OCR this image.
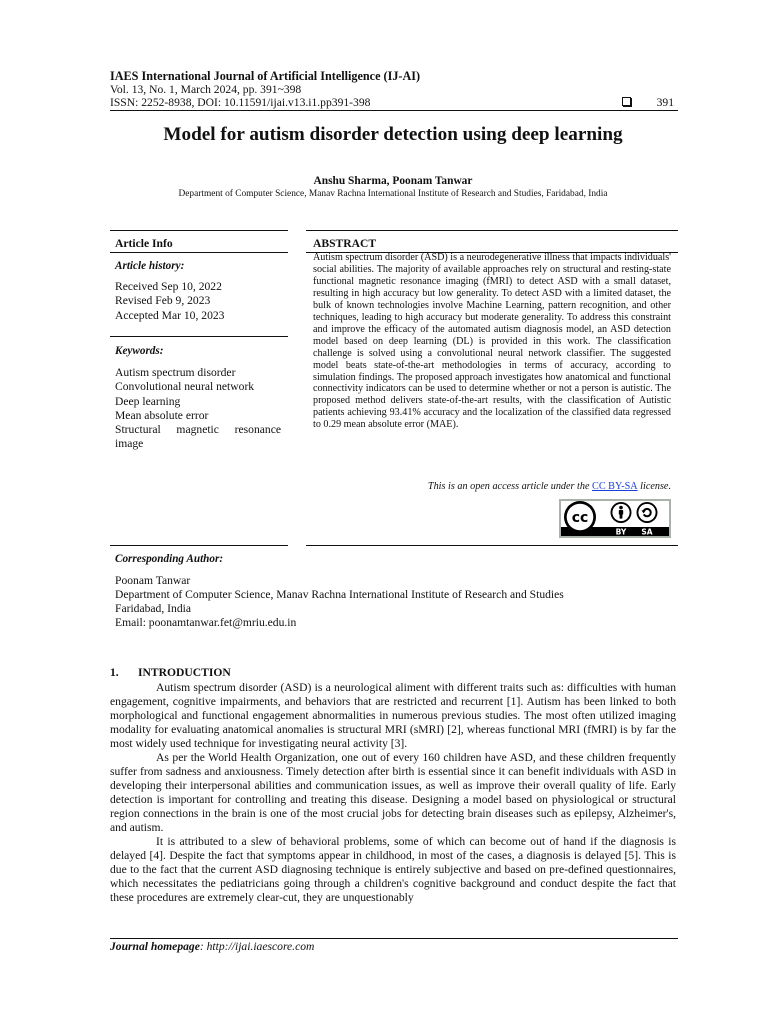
IAES International Journal of Artificial Intelligence (IJ-AI)
Vol. 13, No. 1, March 2024, pp. 391~398
ISSN: 2252-8938, DOI: 10.11591/ijai.v13.i1.pp391-398	391
Model for autism disorder detection using deep learning
Anshu Sharma, Poonam Tanwar
Department of Computer Science, Manav Rachna International Institute of Research and Studies, Faridabad, India
Article Info
Article history:
Received Sep 10, 2022
Revised Feb 9, 2023
Accepted Mar 10, 2023
Keywords:
Autism spectrum disorder
Convolutional neural network
Deep learning
Mean absolute error
Structural magnetic resonance image
ABSTRACT
Autism spectrum disorder (ASD) is a neurodegenerative illness that impacts individuals' social abilities. The majority of available approaches rely on structural and resting-state functional magnetic resonance imaging (fMRI) to detect ASD with a small dataset, resulting in high accuracy but low generality. To detect ASD with a limited dataset, the bulk of known technologies involve Machine Learning, pattern recognition, and other techniques, leading to high accuracy but moderate generality. To address this constraint and improve the efficacy of the automated autism diagnosis model, an ASD detection model based on deep learning (DL) is provided in this work. The classification challenge is solved using a convolutional neural network classifier. The suggested model beats state-of-the-art methodologies in terms of accuracy, according to simulation findings. The proposed approach investigates how anatomical and functional connectivity indicators can be used to determine whether or not a person is autistic. The proposed method delivers state-of-the-art results, with the classification of Autistic patients achieving 93.41% accuracy and the localization of the classified data regressed to 0.29 mean absolute error (MAE).
This is an open access article under the CC BY-SA license.
cc
BY SA
Corresponding Author:
Poonam Tanwar
Department of Computer Science, Manav Rachna International Institute of Research and Studies
Faridabad, India
Email: poonamtanwar.fet@mriu.edu.in
1. INTRODUCTION
Autism spectrum disorder (ASD) is a neurological aliment with different traits such as: difficulties with human engagement, cognitive impairments, and behaviors that are restricted and recurrent [1]. Autism has been linked to both morphological and functional engagement abnormalities in numerous previous studies. The most often utilized imaging modality for evaluating anatomical anomalies is structural MRI (sMRI) [2], whereas functional MRI (fMRI) is by far the most widely used technique for investigating neural activity [3].
As per the World Health Organization, one out of every 160 children have ASD, and these children frequently suffer from sadness and anxiousness. Timely detection after birth is essential since it can benefit individuals with ASD in developing their interpersonal abilities and communication issues, as well as improve their overall quality of life. Early detection is important for controlling and treating this disease. Designing a model based on physiological or structural region connections in the brain is one of the most crucial jobs for detecting brain diseases such as epilepsy, Alzheimer's, and autism.
It is attributed to a slew of behavioral problems, some of which can become out of hand if the diagnosis is delayed [4]. Despite the fact that symptoms appear in childhood, in most of the cases, a diagnosis is delayed [5]. This is due to the fact that the current ASD diagnosing technique is entirely subjective and based on pre-defined questionnaires, which necessitates the pediatricians going through a children's cognitive background and conduct despite the fact that these procedures are extremely clear-cut, they are unquestionably
Journal homepage: http://ijai.iaescore.com
